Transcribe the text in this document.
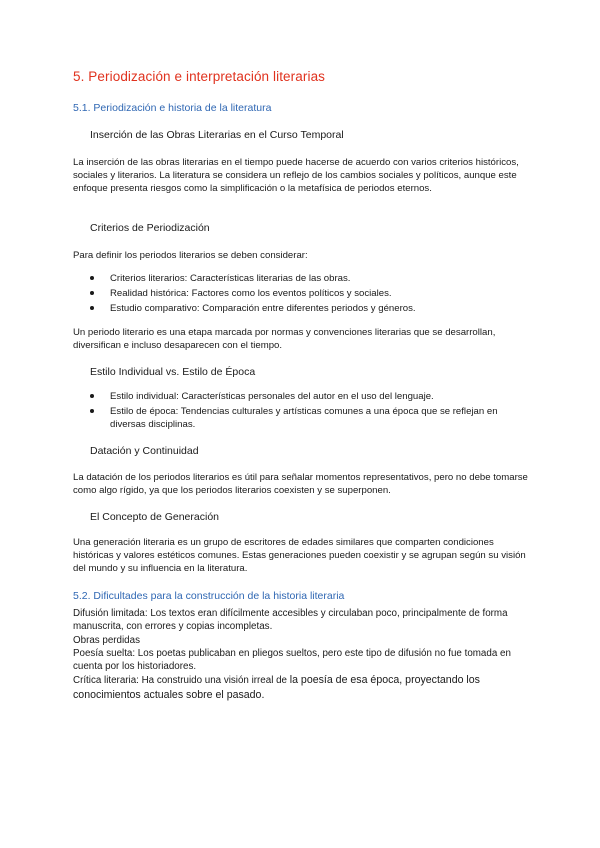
5. Periodización e interpretación literarias
5.1. Periodización e historia de la literatura
Inserción de las Obras Literarias en el Curso Temporal
La inserción de las obras literarias en el tiempo puede hacerse de acuerdo con varios criterios históricos, sociales y literarios. La literatura se considera un reflejo de los cambios sociales y políticos, aunque este enfoque presenta riesgos como la simplificación o la metafísica de periodos eternos.
Criterios de Periodización
Para definir los periodos literarios se deben considerar:
Criterios literarios: Características literarias de las obras.
Realidad histórica: Factores como los eventos políticos y sociales.
Estudio comparativo: Comparación entre diferentes periodos y géneros.
Un periodo literario es una etapa marcada por normas y convenciones literarias que se desarrollan, diversifican e incluso desaparecen con el tiempo.
Estilo Individual vs. Estilo de Época
Estilo individual: Características personales del autor en el uso del lenguaje.
Estilo de época: Tendencias culturales y artísticas comunes a una época que se reflejan en diversas disciplinas.
Datación y Continuidad
La datación de los periodos literarios es útil para señalar momentos representativos, pero no debe tomarse como algo rígido, ya que los periodos literarios coexisten y se superponen.
El Concepto de Generación
Una generación literaria es un grupo de escritores de edades similares que comparten condiciones históricas y valores estéticos comunes. Estas generaciones pueden coexistir y se agrupan según su visión del mundo y su influencia en la literatura.
5.2. Dificultades para la construcción de la historia literaria
Difusión limitada: Los textos eran difícilmente accesibles y circulaban poco, principalmente de forma manuscrita, con errores y copias incompletas.
Obras perdidas
Poesía suelta: Los poetas publicaban en pliegos sueltos, pero este tipo de difusión no fue tomada en cuenta por los historiadores.
Crítica literaria: Ha construido una visión irreal de la poesía de esa época, proyectando los conocimientos actuales sobre el pasado.
